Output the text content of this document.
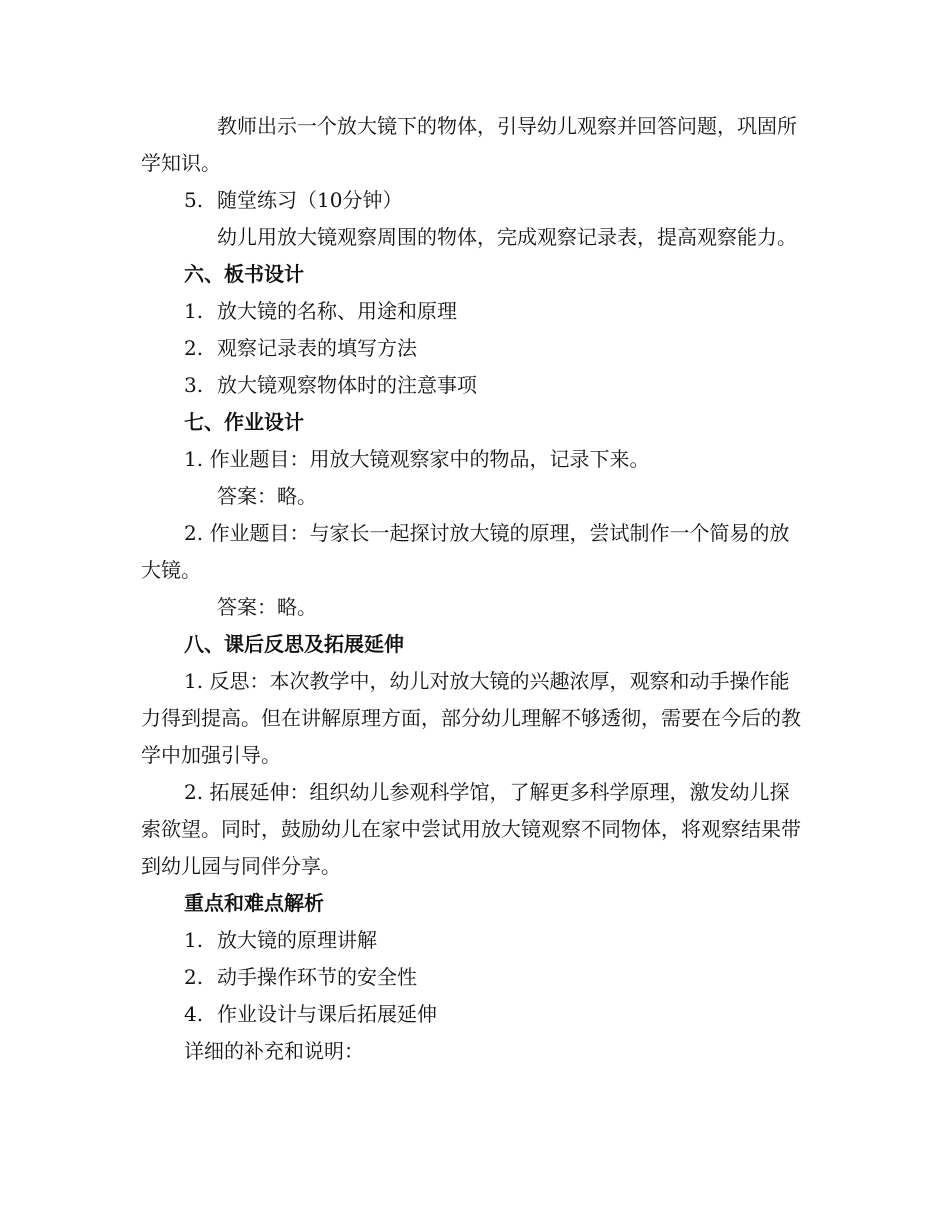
教师出示一个放大镜下的物体，引导幼儿观察并回答问题，巩固所学知识。

5. 随堂练习（10分钟）

幼儿用放大镜观察周围的物体，完成观察记录表，提高观察能力。

六、板书设计

1. 放大镜的名称、用途和原理
2. 观察记录表的填写方法
3. 放大镜观察物体时的注意事项

七、作业设计

1. 作业题目：用放大镜观察家中的物品，记录下来。

答案：略。

2. 作业题目：与家长一起探讨放大镜的原理，尝试制作一个简易的放大镜。

答案：略。

八、课后反思及拓展延伸

1. 反思：本次教学中，幼儿对放大镜的兴趣浓厚，观察和动手操作能力得到提高。但在讲解原理方面，部分幼儿理解不够透彻，需要在今后的教学中加强引导。

2. 拓展延伸：组织幼儿参观科学馆，了解更多科学原理，激发幼儿探索欲望。同时，鼓励幼儿在家中尝试用放大镜观察不同物体，将观察结果带到幼儿园与同伴分享。

重点和难点解析

1. 放大镜的原理讲解
2. 动手操作环节的安全性
4. 作业设计与课后拓展延伸

详细的补充和说明：
